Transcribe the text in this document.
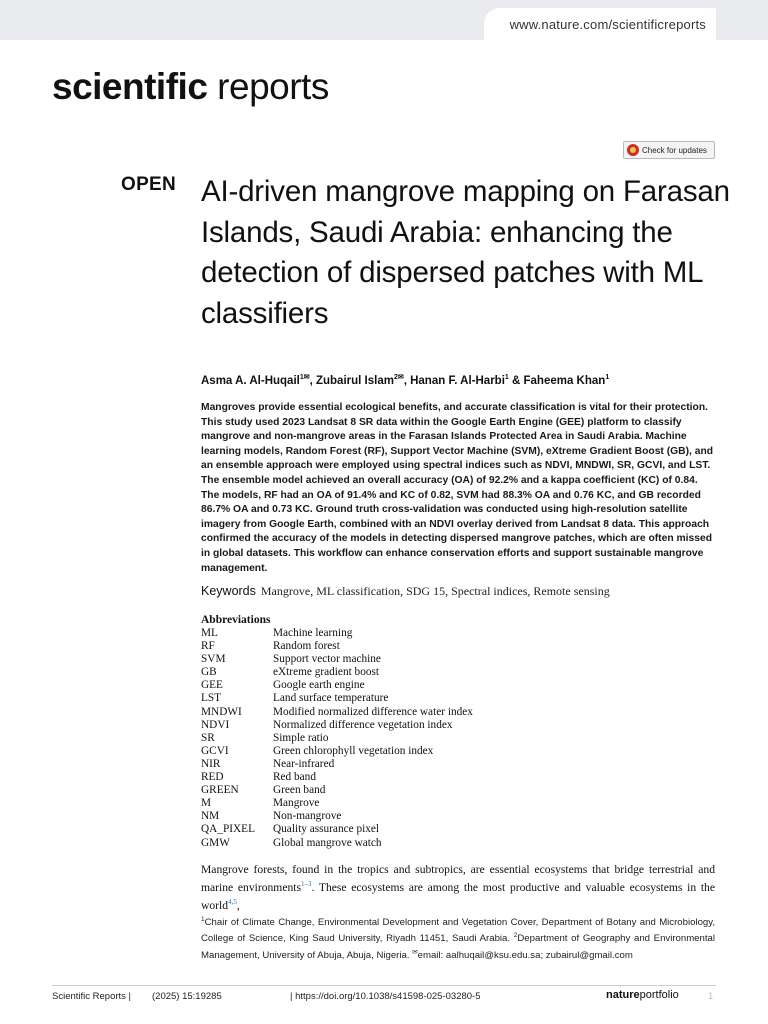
www.nature.com/scientificreports
scientific reports
Check for updates
OPEN AI-driven mangrove mapping on Farasan Islands, Saudi Arabia: enhancing the detection of dispersed patches with ML classifiers
Asma A. Al-Huqail$^{1✉}$, Zubairul Islam$^{2✉}$, Hanan F. Al-Harbi$^1$ & Faheema Khan$^1$

Mangroves provide essential ecological benefits, and accurate classification is vital for their protection. This study used 2023 Landsat 8 SR data within the Google Earth Engine (GEE) platform to classify mangrove and non-mangrove areas in the Farasan Islands Protected Area in Saudi Arabia. Machine learning models, Random Forest (RF), Support Vector Machine (SVM), eXtreme Gradient Boost (GB), and an ensemble approach were employed using spectral indices such as NDVI, MNDWI, SR, GCVI, and LST. The ensemble model achieved an overall accuracy (OA) of 92.2% and a kappa coefficient (KC) of 0.84. The models, RF had an OA of 91.4% and KC of 0.82, SVM had 88.3% OA and 0.76 KC, and GB recorded 86.7% OA and 0.73 KC. Ground truth cross-validation was conducted using high-resolution satellite imagery from Google Earth, combined with an NDVI overlay derived from Landsat 8 data. This approach confirmed the accuracy of the models in detecting dispersed mangrove patches, which are often missed in global datasets. This workflow can enhance conservation efforts and support sustainable mangrove management.

Keywords Mangrove, ML classification, SDG 15, Spectral indices, Remote sensing
Abbreviations
ML	Machine learning
RF	Random forest
SVM	Support vector machine
GB	eXtreme gradient boost
GEE	Google earth engine
LST	Land surface temperature
MNDWI	Modified normalized difference water index
NDVI	Normalized difference vegetation index
SR	Simple ratio
GCVI	Green chlorophyll vegetation index
NIR	Near-infrared
RED	Red band
GREEN	Green band
M	Mangrove
NM	Non-mangrove
QA_PIXEL	Quality assurance pixel
GMW	Global mangrove watch

Mangrove forests, found in the tropics and subtropics, are essential ecosystems that bridge terrestrial and marine environments$^{1-3}$. These ecosystems are among the most productive and valuable ecosystems in the world$^{4,5}$,

$^1$Chair of Climate Change, Environmental Development and Vegetation Cover, Department of Botany and Microbiology, College of Science, King Saud University, Riyadh 11451, Saudi Arabia. $^2$Department of Geography and Environmental Management, University of Abuja, Abuja, Nigeria. ✉email: aalhuqail@ksu.edu.sa; zubairul@gmail.com

Scientific Reports | (2025) 15:19285	| https://doi.org/10.1038/s41598-025-03280-5	natureportfolio	1
